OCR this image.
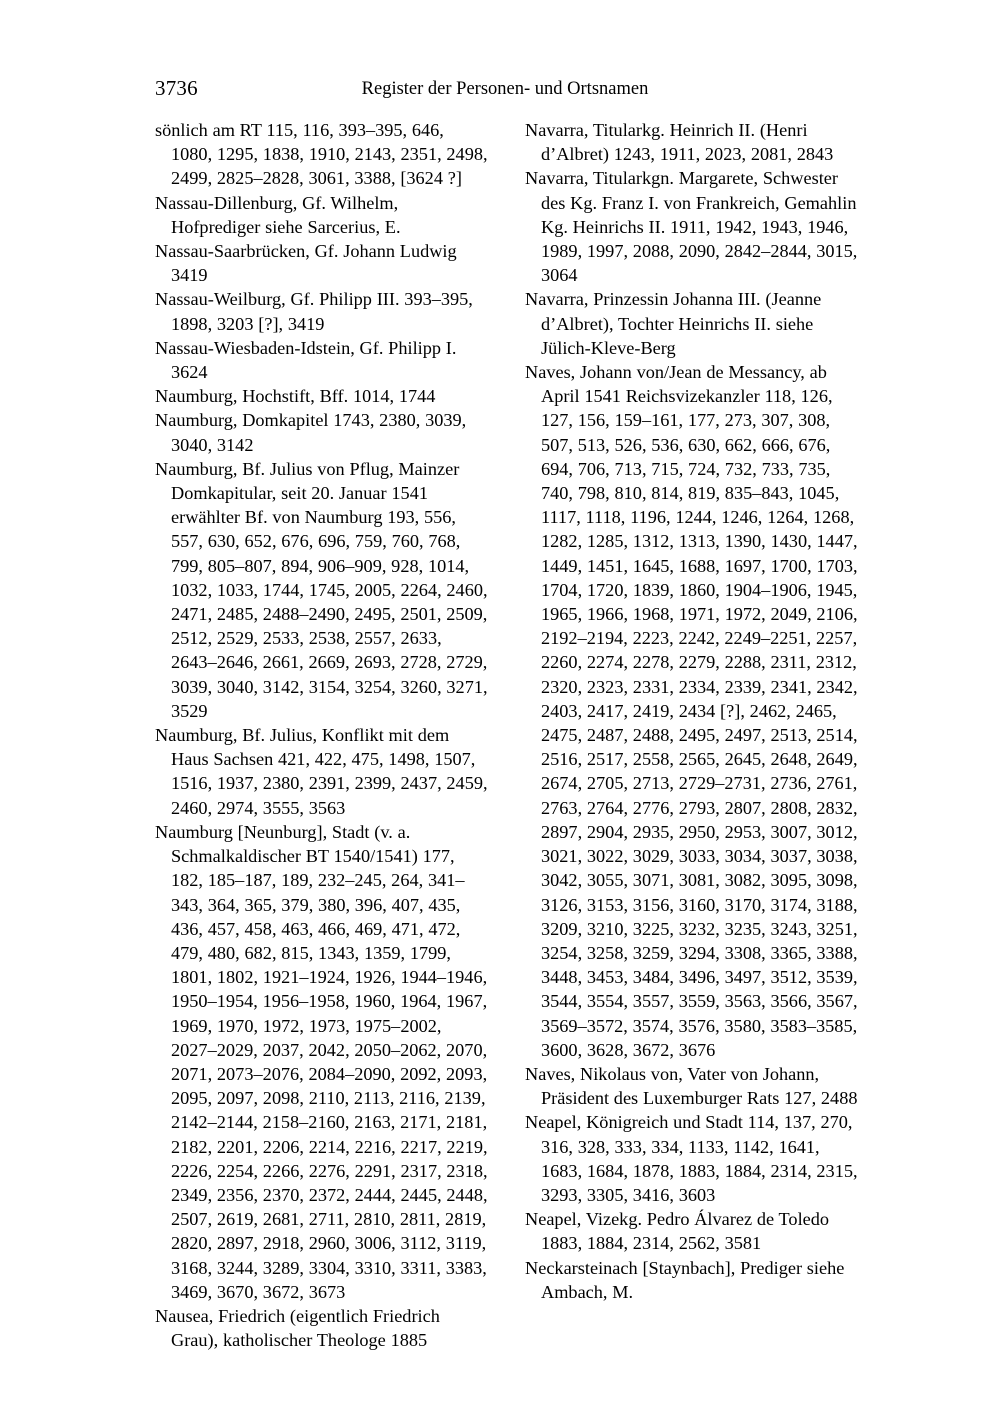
3736	Register der Personen- und Ortsnamen

sönlich am RT 115, 116, 393–395, 646, 1080, 1295, 1838, 1910, 2143, 2351, 2498, 2499, 2825–2828, 3061, 3388, [3624 ?]

Nassau-Dillenburg, Gf. Wilhelm, Hofprediger siehe Sarcerius, E.

Nassau-Saarbrücken, Gf. Johann Ludwig 3419

Nassau-Weilburg, Gf. Philipp III. 393–395, 1898, 3203 [?], 3419

Nassau-Wiesbaden-Idstein, Gf. Philipp I. 3624

Naumburg, Hochstift, Bff. 1014, 1744

Naumburg, Domkapitel 1743, 2380, 3039, 3040, 3142

Naumburg, Bf. Julius von Pflug, Mainzer Domkapitular, seit 20. Januar 1541 erwählter Bf. von Naumburg 193, 556, 557, 630, 652, 676, 696, 759, 760, 768, 799, 805–807, 894, 906–909, 928, 1014, 1032, 1033, 1744, 1745, 2005, 2264, 2460, 2471, 2485, 2488–2490, 2495, 2501, 2509, 2512, 2529, 2533, 2538, 2557, 2633, 2643–2646, 2661, 2669, 2693, 2728, 2729, 3039, 3040, 3142, 3154, 3254, 3260, 3271, 3529

Naumburg, Bf. Julius, Konflikt mit dem Haus Sachsen 421, 422, 475, 1498, 1507, 1516, 1937, 2380, 2391, 2399, 2437, 2459, 2460, 2974, 3555, 3563

Naumburg [Neunburg], Stadt (v. a. Schmalkaldischer BT 1540/1541) 177, 182, 185–187, 189, 232–245, 264, 341–343, 364, 365, 379, 380, 396, 407, 435, 436, 457, 458, 463, 466, 469, 471, 472, 479, 480, 682, 815, 1343, 1359, 1799, 1801, 1802, 1921–1924, 1926, 1944–1946, 1950–1954, 1956–1958, 1960, 1964, 1967, 1969, 1970, 1972, 1973, 1975–2002, 2027–2029, 2037, 2042, 2050–2062, 2070, 2071, 2073–2076, 2084–2090, 2092, 2093, 2095, 2097, 2098, 2110, 2113, 2116, 2139, 2142–2144, 2158–2160, 2163, 2171, 2181, 2182, 2201, 2206, 2214, 2216, 2217, 2219, 2226, 2254, 2266, 2276, 2291, 2317, 2318, 2349, 2356, 2370, 2372, 2444, 2445, 2448, 2507, 2619, 2681, 2711, 2810, 2811, 2819, 2820, 2897, 2918, 2960, 3006, 3112, 3119, 3168, 3244, 3289, 3304, 3310, 3311, 3383, 3469, 3670, 3672, 3673

Nausea, Friedrich (eigentlich Friedrich Grau), katholischer Theologe 1885

Navarra, Titularkg. Heinrich II. (Henri d’Albret) 1243, 1911, 2023, 2081, 2843

Navarra, Titularkgn. Margarete, Schwester des Kg. Franz I. von Frankreich, Gemahlin Kg. Heinrichs II. 1911, 1942, 1943, 1946, 1989, 1997, 2088, 2090, 2842–2844, 3015, 3064

Navarra, Prinzessin Johanna III. (Jeanne d’Albret), Tochter Heinrichs II. siehe Jülich-Kleve-Berg

Naves, Johann von/Jean de Messancy, ab April 1541 Reichsvizekanzler 118, 126, 127, 156, 159–161, 177, 273, 307, 308, 507, 513, 526, 536, 630, 662, 666, 676, 694, 706, 713, 715, 724, 732, 733, 735, 740, 798, 810, 814, 819, 835–843, 1045, 1117, 1118, 1196, 1244, 1246, 1264, 1268, 1282, 1285, 1312, 1313, 1390, 1430, 1447, 1449, 1451, 1645, 1688, 1697, 1700, 1703, 1704, 1720, 1839, 1860, 1904–1906, 1945, 1965, 1966, 1968, 1971, 1972, 2049, 2106, 2192–2194, 2223, 2242, 2249–2251, 2257, 2260, 2274, 2278, 2279, 2288, 2311, 2312, 2320, 2323, 2331, 2334, 2339, 2341, 2342, 2403, 2417, 2419, 2434 [?], 2462, 2465, 2475, 2487, 2488, 2495, 2497, 2513, 2514, 2516, 2517, 2558, 2565, 2645, 2648, 2649, 2674, 2705, 2713, 2729–2731, 2736, 2761, 2763, 2764, 2776, 2793, 2807, 2808, 2832, 2897, 2904, 2935, 2950, 2953, 3007, 3012, 3021, 3022, 3029, 3033, 3034, 3037, 3038, 3042, 3055, 3071, 3081, 3082, 3095, 3098, 3126, 3153, 3156, 3160, 3170, 3174, 3188, 3209, 3210, 3225, 3232, 3235, 3243, 3251, 3254, 3258, 3259, 3294, 3308, 3365, 3388, 3448, 3453, 3484, 3496, 3497, 3512, 3539, 3544, 3554, 3557, 3559, 3563, 3566, 3567, 3569–3572, 3574, 3576, 3580, 3583–3585, 3600, 3628, 3672, 3676

Naves, Nikolaus von, Vater von Johann, Präsident des Luxemburger Rats 127, 2488

Neapel, Königreich und Stadt 114, 137, 270, 316, 328, 333, 334, 1133, 1142, 1641, 1683, 1684, 1878, 1883, 1884, 2314, 2315, 3293, 3305, 3416, 3603

Neapel, Vizekg. Pedro Álvarez de Toledo 1883, 1884, 2314, 2562, 3581

Neckarsteinach [Staynbach], Prediger siehe Ambach, M.
